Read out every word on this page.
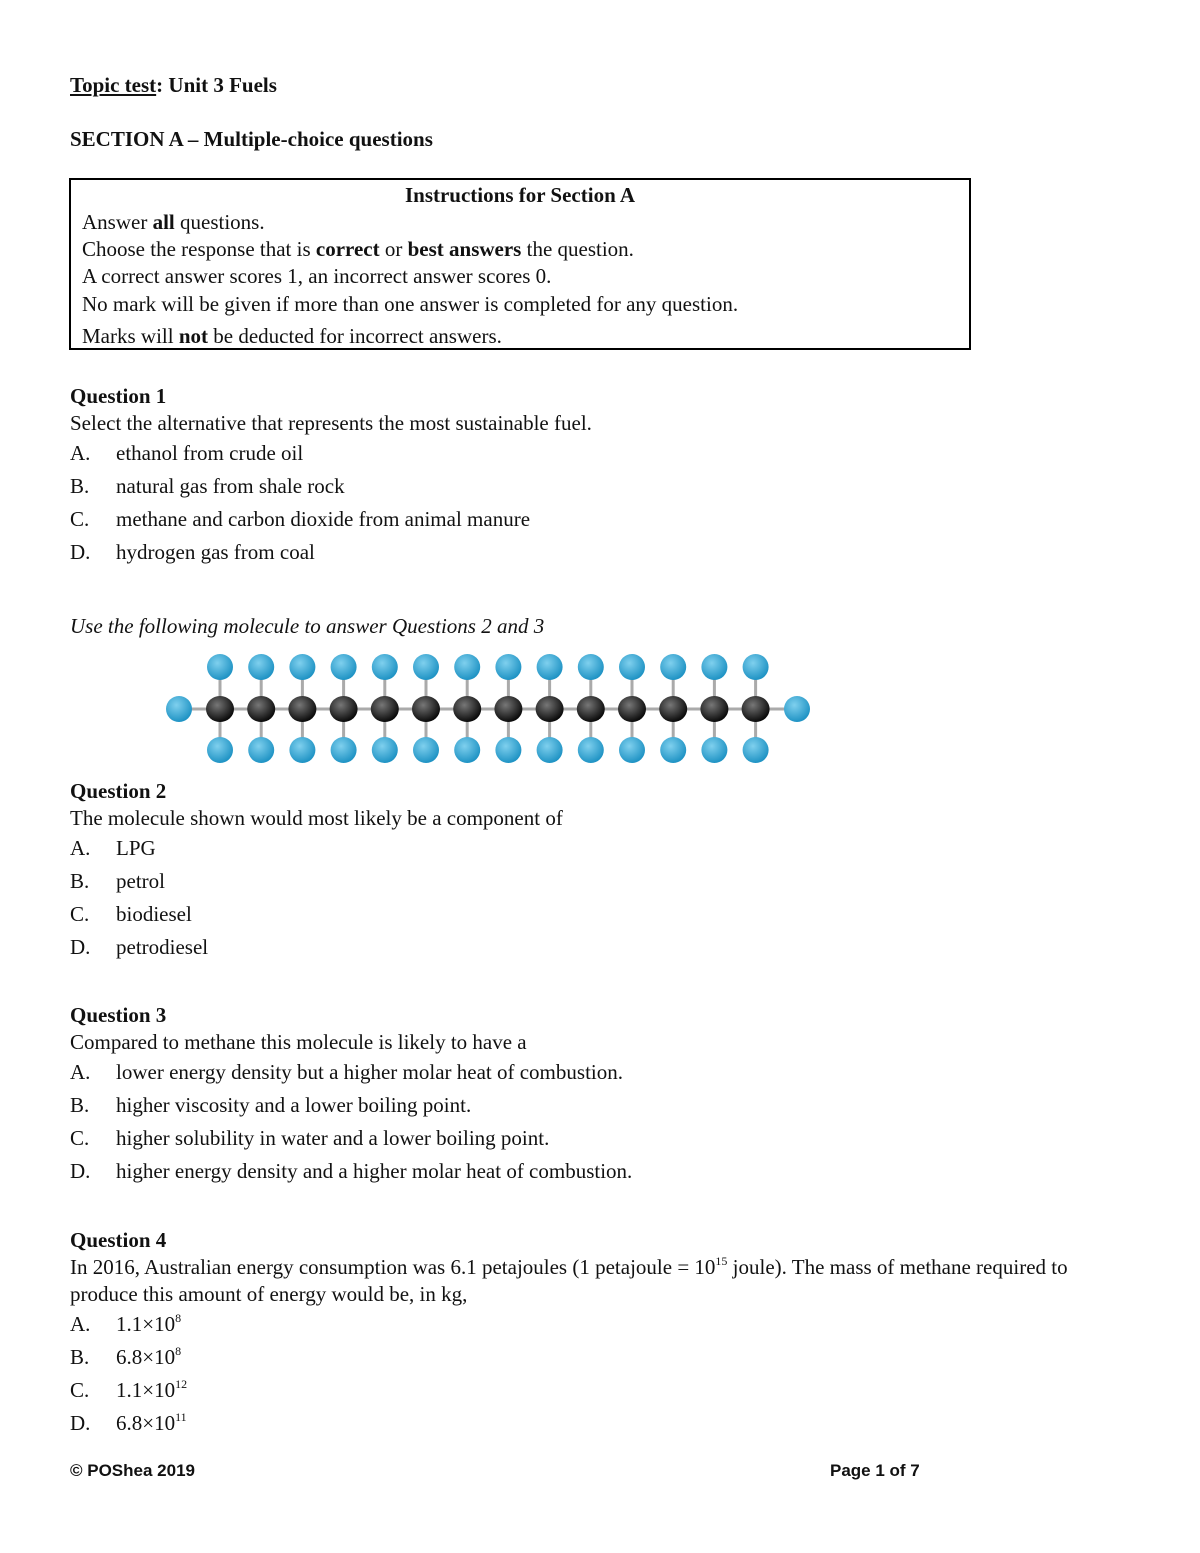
Topic test: Unit 3 Fuels
SECTION A – Multiple-choice questions
Instructions for Section A
Answer all questions.
Choose the response that is correct or best answers the question.
A correct answer scores 1, an incorrect answer scores 0.
No mark will be given if more than one answer is completed for any question.
Marks will not be deducted for incorrect answers.
Question 1
Select the alternative that represents the most sustainable fuel.
A. ethanol from crude oil
B. natural gas from shale rock
C. methane and carbon dioxide from animal manure
D. hydrogen gas from coal
Use the following molecule to answer Questions 2 and 3
Question 2
The molecule shown would most likely be a component of
A. LPG
B. petrol
C. biodiesel
D. petrodiesel
Question 3
Compared to methane this molecule is likely to have a
A. lower energy density but a higher molar heat of combustion.
B. higher viscosity and a lower boiling point.
C. higher solubility in water and a lower boiling point.
D. higher energy density and a higher molar heat of combustion.
Question 4
In 2016, Australian energy consumption was 6.1 petajoules (1 petajoule = $10^{15}$ joule). The mass of methane required to produce this amount of energy would be, in kg,
A. $1.1\times 10^8$
B. $6.8\times 10^8$
C. $1.1\times 10^{12}$
D. $6.8\times 10^{11}$
© POShea 2019	Page 1 of 7
